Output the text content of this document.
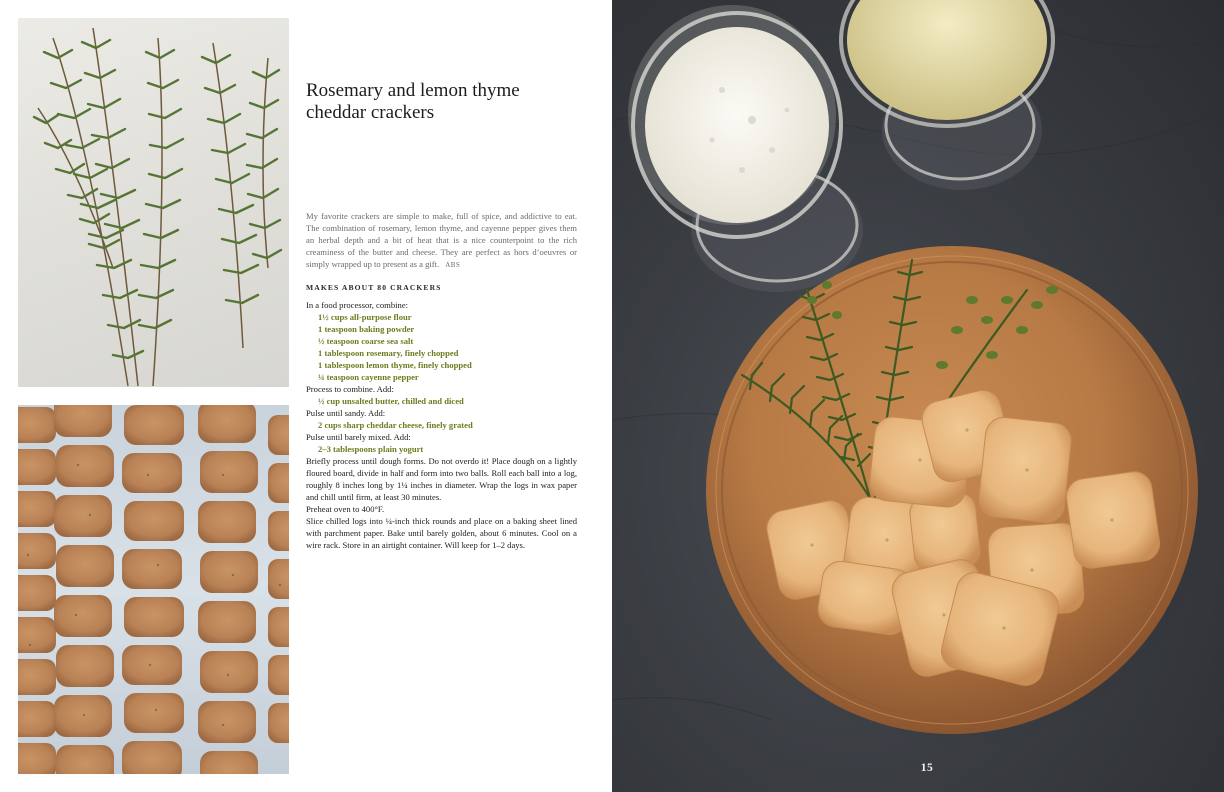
Rosemary and lemon thyme cheddar crackers

My favorite crackers are simple to make, full of spice, and addictive to eat. The combination of rosemary, lemon thyme, and cayenne pepper gives them an herbal depth and a bit of heat that is a nice counterpoint to the rich creaminess of the butter and cheese. They are perfect as hors d’oeuvres or simply wrapped up to present as a gift. ABS

MAKES ABOUT 80 CRACKERS
In a food processor, combine:
1½ cups all-purpose flour
1 teaspoon baking powder
½ teaspoon coarse sea salt
1 tablespoon rosemary, finely chopped
1 tablespoon lemon thyme, finely chopped
¼ teaspoon cayenne pepper
Process to combine. Add:
½ cup unsalted butter, chilled and diced
Pulse until sandy. Add:
2 cups sharp cheddar cheese, finely grated
Pulse until barely mixed. Add:
2–3 tablespoons plain yogurt
Briefly process until dough forms. Do not overdo it! Place dough on a lightly floured board, divide in half and form into two balls. Roll each ball into a log, roughly 8 inches long by 1¼ inches in diameter. Wrap the logs in wax paper and chill until firm, at least 30 minutes.
Preheat oven to 400°F.
Slice chilled logs into ¼-inch thick rounds and place on a baking sheet lined with parchment paper. Bake until barely golden, about 6 minutes. Cool on a wire rack. Store in an airtight container. Will keep for 1–2 days.
15
